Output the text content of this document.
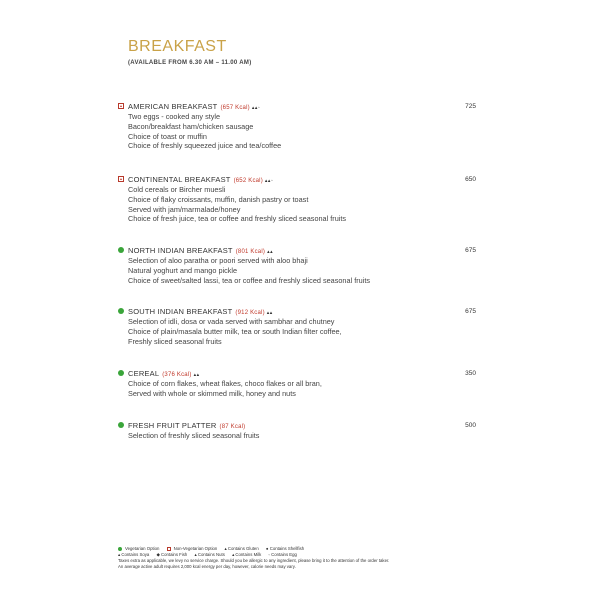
BREAKFAST
(AVAILABLE FROM 6.30 AM – 11.00 AM)
AMERICAN BREAKFAST (657 Kcal) ▴▴◦	725
Two eggs - cooked any style
Bacon/breakfast ham/chicken sausage
Choice of toast or muffin
Choice of freshly squeezed juice and tea/coffee
CONTINENTAL BREAKFAST (652 Kcal) ▴▴◦	650
Cold cereals or Bircher muesli
Choice of flaky croissants, muffin, danish pastry or toast
Served with jam/marmalade/honey
Choice of fresh juice, tea or coffee and freshly sliced seasonal fruits
NORTH INDIAN BREAKFAST (801 Kcal) ▴▴	675
Selection of aloo paratha or poori served with aloo bhaji
Natural yoghurt and mango pickle
Choice of sweet/salted lassi, tea or coffee and freshly sliced seasonal fruits
SOUTH INDIAN BREAKFAST (912 Kcal) ▴▴	675
Selection of idli, dosa or vada served with sambhar and chutney
Choice of plain/masala butter milk, tea or south Indian filter coffee,
Freshly sliced seasonal fruits
CEREAL (376 Kcal) ▴▴	350
Choice of corn flakes, wheat flakes, choco flakes or all bran,
Served with whole or skimmed milk, honey and nuts
FRESH FRUIT PLATTER (87 Kcal)	500
Selection of freshly sliced seasonal fruits
Vegetarian Option	Non-Vegetarian Option ▴ Contains Gluten ● Contains Shellfish
▴ Contains Soya ◆ Contains Fish ▴ Contains Nuts ▴ Contains Milk ◦ Contains Egg

Taxes extra as applicable, we levy no service charge. Should you be allergic to any ingredient, please bring it to the attention of the order taker.

An average active adult requires 2,000 kcal energy per day, however, calorie needs may vary.
